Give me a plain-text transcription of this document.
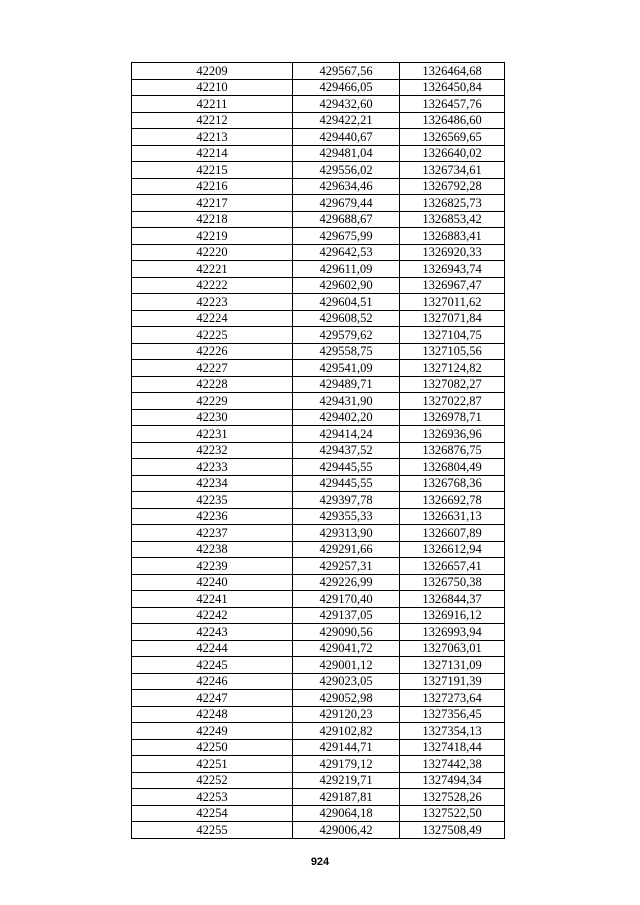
42209	429567,56	1326464,68
42210	429466,05	1326450,84
42211	429432,60	1326457,76
42212	429422,21	1326486,60
42213	429440,67	1326569,65
42214	429481,04	1326640,02
42215	429556,02	1326734,61
42216	429634,46	1326792,28
42217	429679,44	1326825,73
42218	429688,67	1326853,42
42219	429675,99	1326883,41
42220	429642,53	1326920,33
42221	429611,09	1326943,74
42222	429602,90	1326967,47
42223	429604,51	1327011,62
42224	429608,52	1327071,84
42225	429579,62	1327104,75
42226	429558,75	1327105,56
42227	429541,09	1327124,82
42228	429489,71	1327082,27
42229	429431,90	1327022,87
42230	429402,20	1326978,71
42231	429414,24	1326936,96
42232	429437,52	1326876,75
42233	429445,55	1326804,49
42234	429445,55	1326768,36
42235	429397,78	1326692,78
42236	429355,33	1326631,13
42237	429313,90	1326607,89
42238	429291,66	1326612,94
42239	429257,31	1326657,41
42240	429226,99	1326750,38
42241	429170,40	1326844,37
42242	429137,05	1326916,12
42243	429090,56	1326993,94
42244	429041,72	1327063,01
42245	429001,12	1327131,09
42246	429023,05	1327191,39
42247	429052,98	1327273,64
42248	429120,23	1327356,45
42249	429102,82	1327354,13
42250	429144,71	1327418,44
42251	429179,12	1327442,38
42252	429219,71	1327494,34
42253	429187,81	1327528,26
42254	429064,18	1327522,50
42255	429006,42	1327508,49
924
